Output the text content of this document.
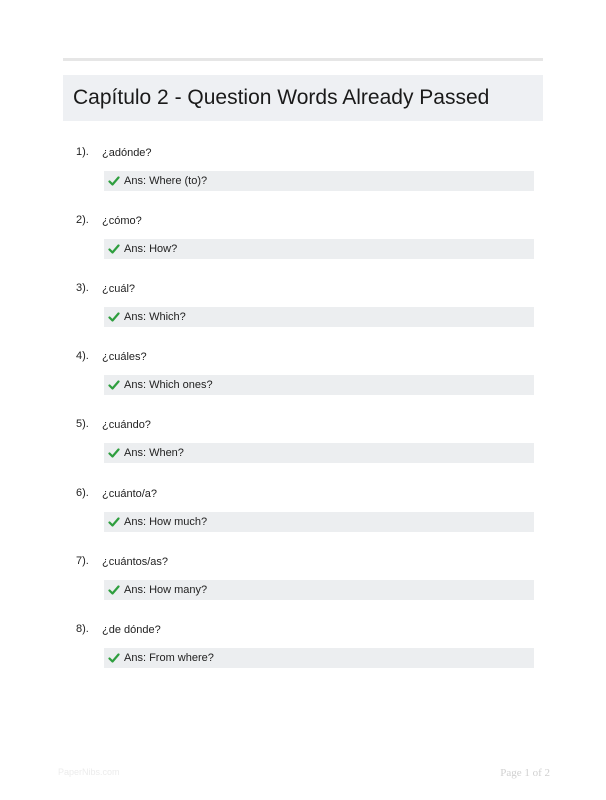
Capítulo 2 - Question Words Already Passed
1). ¿adónde?
Ans: Where (to)?
2). ¿cómo?
Ans: How?
3). ¿cuál?
Ans: Which?
4). ¿cuáles?
Ans: Which ones?
5). ¿cuándo?
Ans: When?
6). ¿cuánto/a?
Ans: How much?
7). ¿cuántos/as?
Ans: How many?
8). ¿de dónde?
Ans: From where?
PaperNibs.com	Page 1 of 2
